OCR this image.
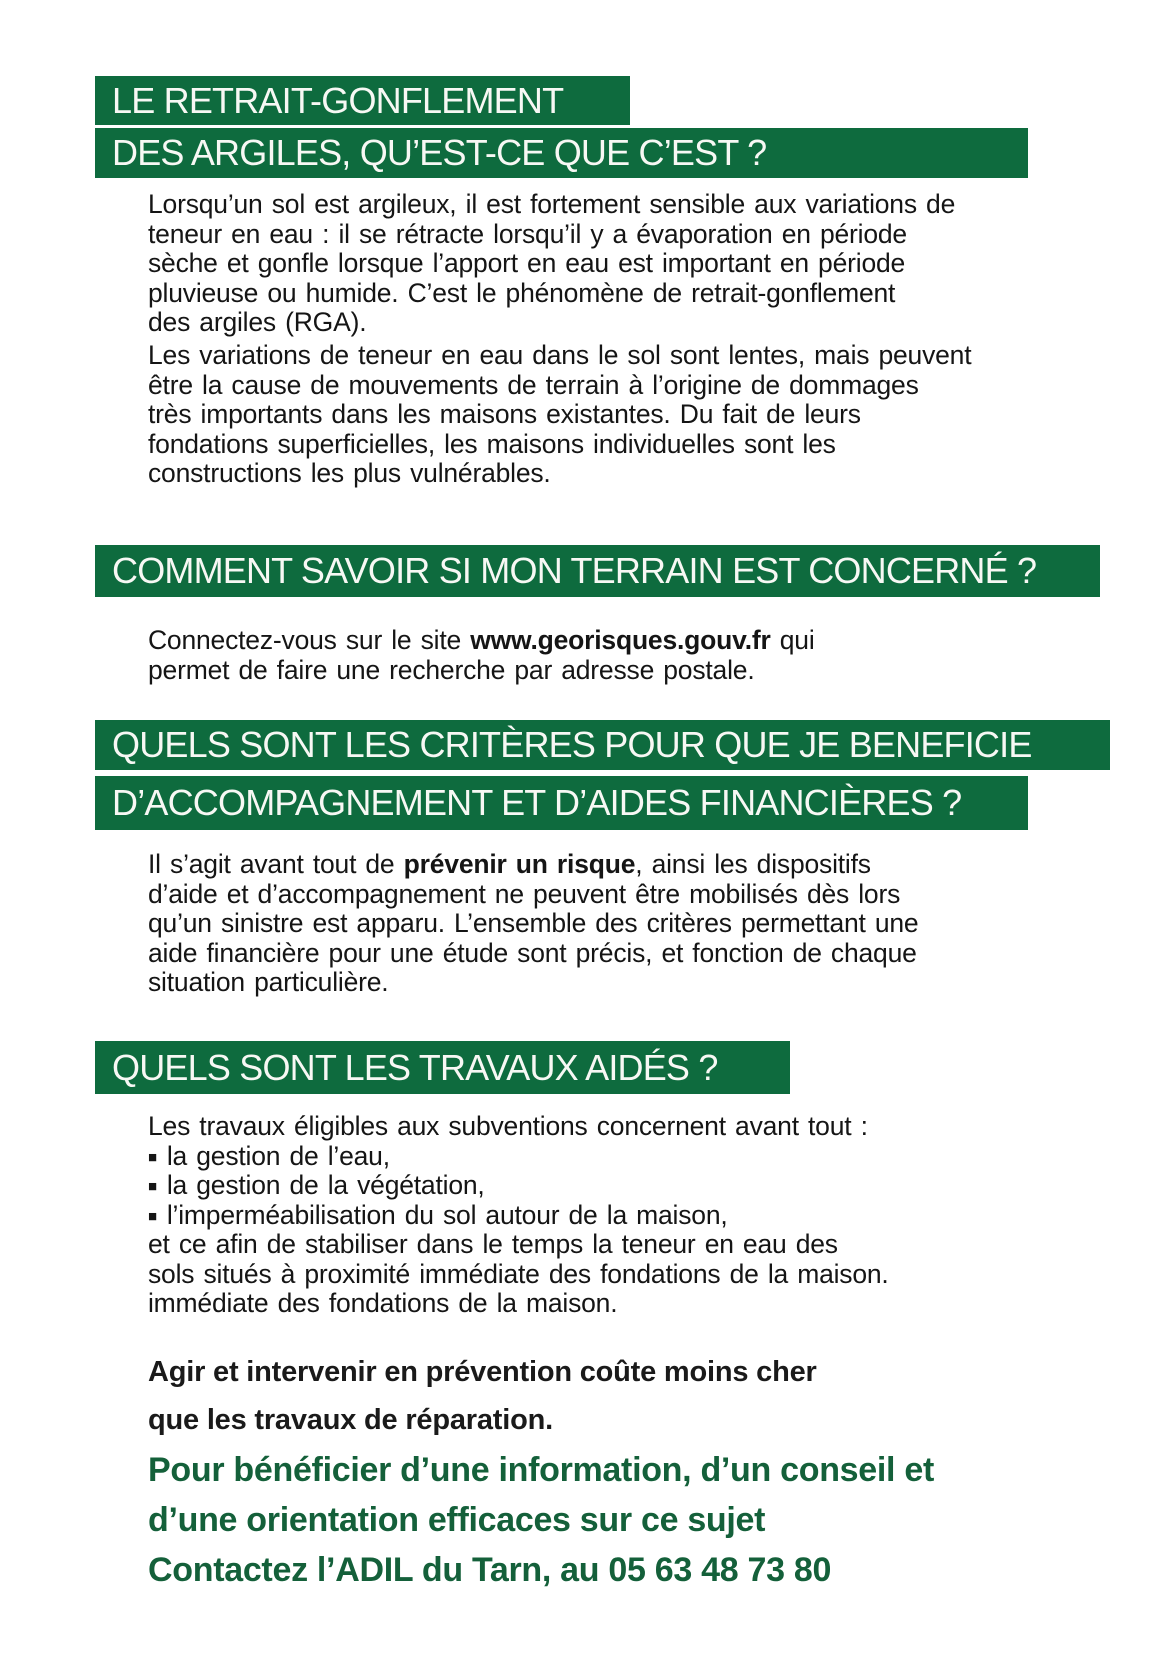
LE RETRAIT-GONFLEMENT
DES ARGILES, QU’EST-CE QUE C’EST ?
Lorsqu’un sol est argileux, il est fortement sensible aux variations de
teneur en eau : il se rétracte lorsqu’il y a évaporation en période
sèche et gonfle lorsque l’apport en eau est important en période
pluvieuse ou humide. C’est le phénomène de retrait-gonflement
des argiles (RGA).
Les variations de teneur en eau dans le sol sont lentes, mais peuvent
être la cause de mouvements de terrain à l’origine de dommages
très importants dans les maisons existantes. Du fait de leurs
fondations superficielles, les maisons individuelles sont les
constructions les plus vulnérables.
COMMENT SAVOIR SI MON TERRAIN EST CONCERNÉ ?
Connectez-vous sur le site www.georisques.gouv.fr qui
permet de faire une recherche par adresse postale.
QUELS SONT LES CRITÈRES POUR QUE JE BENEFICIE
D’ACCOMPAGNEMENT ET D’AIDES FINANCIÈRES ?
Il s’agit avant tout de prévenir un risque, ainsi les dispositifs
d’aide et d’accompagnement ne peuvent être mobilisés dès lors
qu’un sinistre est apparu. L’ensemble des critères permettant une
aide financière pour une étude sont précis, et fonction de chaque
situation particulière.
QUELS SONT LES TRAVAUX AIDÉS ?
Les travaux éligibles aux subventions concernent avant tout :
■ la gestion de l’eau,
■ la gestion de la végétation,
■ l’imperméabilisation du sol autour de la maison,
et ce afin de stabiliser dans le temps la teneur en eau des
sols situés à proximité immédiate des fondations de la maison.
immédiate des fondations de la maison.
Agir et intervenir en prévention coûte moins cher
que les travaux de réparation.
Pour bénéficier d’une information, d’un conseil et
d’une orientation efficaces sur ce sujet
Contactez l’ADIL du Tarn, au 05 63 48 73 80
